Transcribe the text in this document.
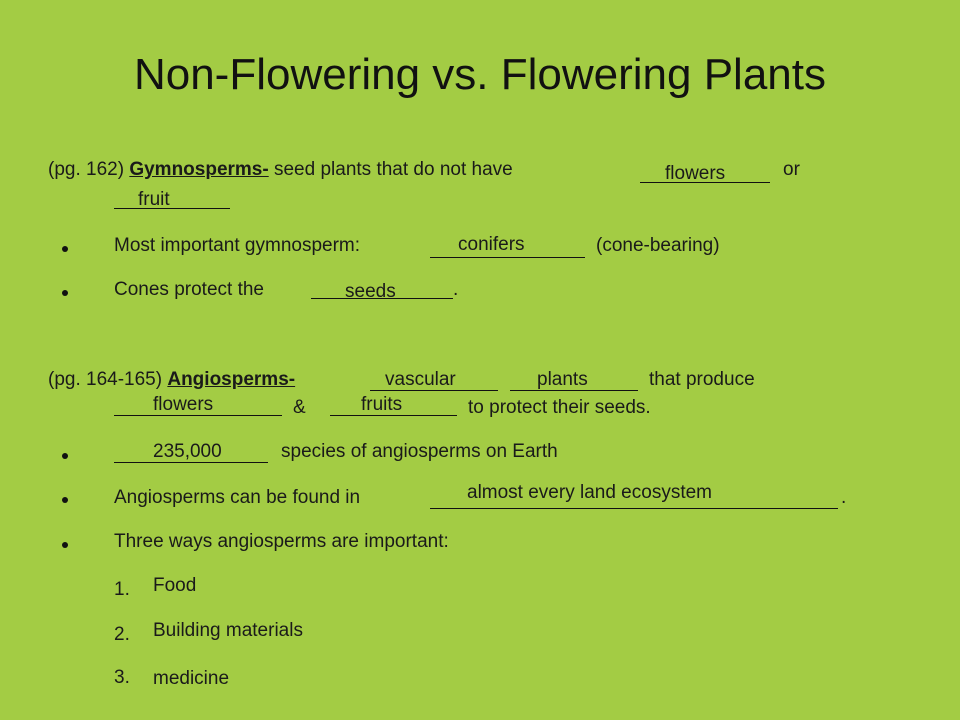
Non-Flowering vs. Flowering Plants
(pg. 162) Gymnosperms- seed plants that do not have	flowers	or
fruit
Most important gymnosperm:	conifers	(cone-bearing)
Cones protect the	seeds	.
(pg. 164-165) Angiosperms-	vascular	plants	that produce
flowers	&	fruits	to protect their seeds.
235,000	species of angiosperms on Earth
Angiosperms can be found in	almost every land ecosystem	.
Three ways angiosperms are important:
1. Food
2. Building materials
3. medicine
